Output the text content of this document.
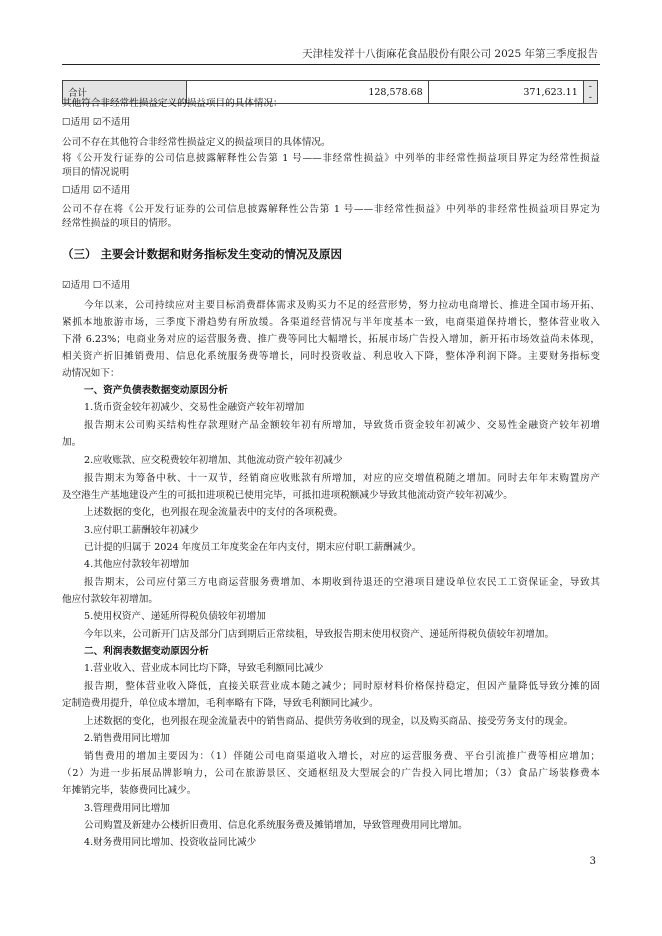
天津桂发祥十八街麻花食品股份有限公司 2025 年第三季度报告
合计	128,578.68	371,623.11	--
其他符合非经常性损益定义的损益项目的具体情况：
☐适用 ☑不适用
公司不存在其他符合非经常性损益定义的损益项目的具体情况。
将《公开发行证券的公司信息披露解释性公告第 1 号——非经常性损益》中列举的非经常性损益项目界定为经常性损益
项目的情况说明
☐适用 ☑不适用
公司不存在将《公开发行证券的公司信息披露解释性公告第 1 号——非经常性损益》中列举的非经常性损益项目界定为
经常性损益的项目的情形。
（三） 主要会计数据和财务指标发生变动的情况及原因
☑适用 ☐不适用
今年以来，公司持续应对主要目标消费群体需求及购买力不足的经营形势，努力拉动电商增长、推进全国市场开拓、
紧抓本地旅游市场，三季度下滑趋势有所放缓。各渠道经营情况与半年度基本一致，电商渠道保持增长，整体营业收入
下滑 6.23%；电商业务对应的运营服务费、推广费等同比大幅增长，拓展市场广告投入增加，新开拓市场效益尚未体现，
相关资产折旧摊销费用、信息化系统服务费等增长，同时投资收益、利息收入下降，整体净利润下降。主要财务指标变
动情况如下：
一、资产负债表数据变动原因分析
1.货币资金较年初减少、交易性金融资产较年初增加
报告期末公司购买结构性存款理财产品金额较年初有所增加，导致货币资金较年初减少、交易性金融资产较年初增
加。
2.应收账款、应交税费较年初增加、其他流动资产较年初减少
报告期末为筹备中秋、十一双节，经销商应收账款有所增加，对应的应交增值税随之增加。同时去年年末购置房产
及空港生产基地建设产生的可抵扣进项税已使用完毕，可抵扣进项税额减少导致其他流动资产较年初减少。
上述数据的变化，也列报在现金流量表中的支付的各项税费。
3.应付职工薪酬较年初减少
已计提的归属于 2024 年度员工年度奖金在年内支付，期末应付职工薪酬减少。
4.其他应付款较年初增加
报告期末，公司应付第三方电商运营服务费增加、本期收到待退还的空港项目建设单位农民工工资保证金，导致其
他应付款较年初增加。
5.使用权资产、递延所得税负债较年初增加
今年以来，公司新开门店及部分门店到期后正常续租，导致报告期末使用权资产、递延所得税负债较年初增加。
二、利润表数据变动原因分析
1.营业收入、营业成本同比均下降，导致毛利额同比减少
报告期，整体营业收入降低，直接关联营业成本随之减少；同时原材料价格保持稳定，但因产量降低导致分摊的固
定制造费用提升，单位成本增加，毛利率略有下降，导致毛利额同比减少。
上述数据的变化，也列报在现金流量表中的销售商品、提供劳务收到的现金，以及购买商品、接受劳务支付的现金。
2.销售费用同比增加
销售费用的增加主要因为：（1）伴随公司电商渠道收入增长，对应的运营服务费、平台引流推广费等相应增加；
（2）为进一步拓展品牌影响力，公司在旅游景区、交通枢纽及大型展会的广告投入同比增加；（3）食品广场装修费本
年摊销完毕，装修费同比减少。
3.管理费用同比增加
公司购置及新建办公楼折旧费用、信息化系统服务费及摊销增加，导致管理费用同比增加。
4.财务费用同比增加、投资收益同比减少
3
